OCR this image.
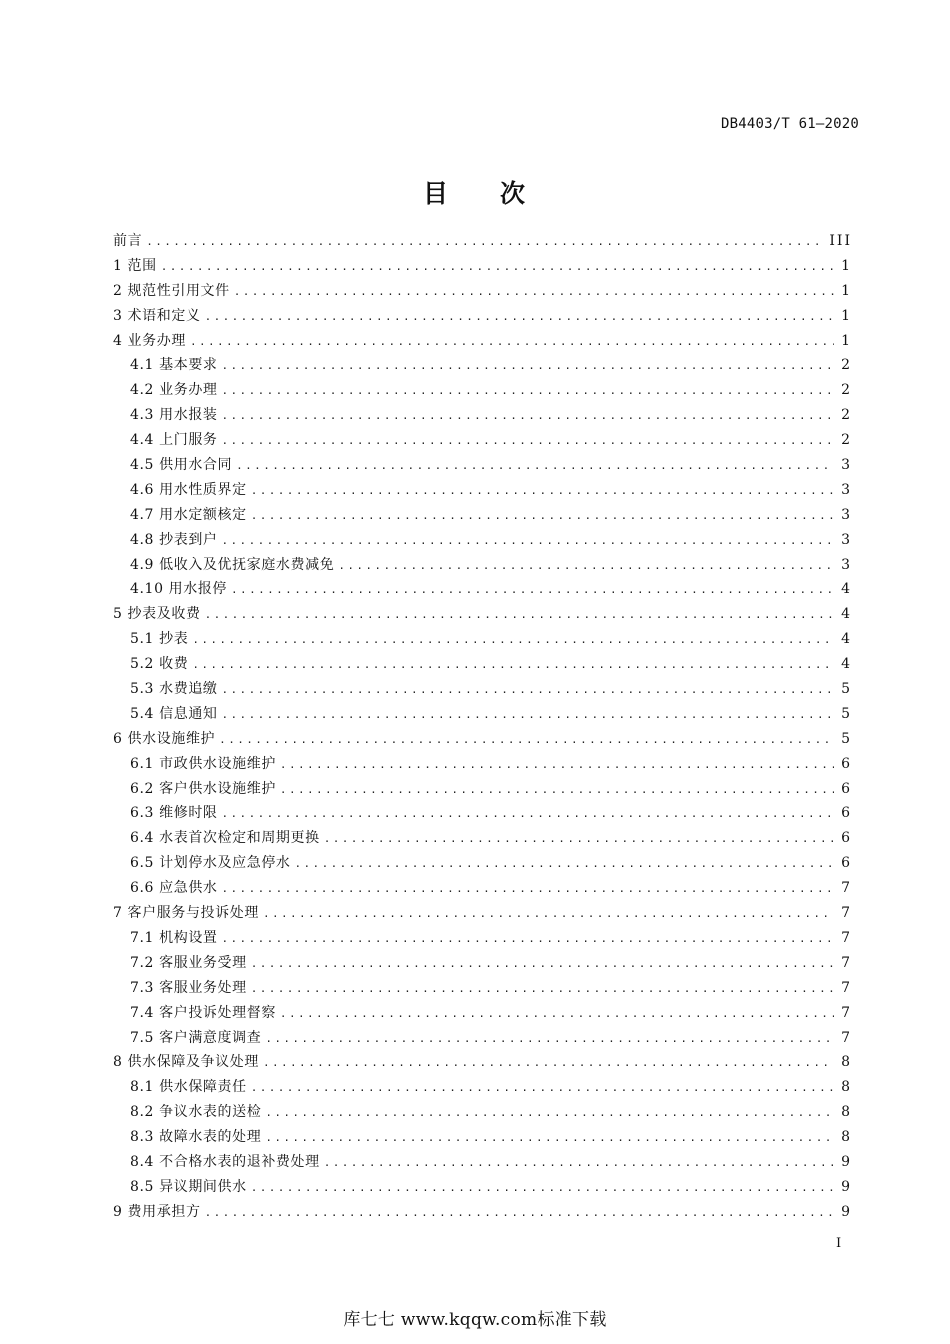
DB4403/T 61—2020
目 次
前言 .....	III
1 范围 .....	1
2 规范性引用文件 .....	1
3 术语和定义 .....	1
4 业务办理 .....	1
4.1 基本要求 .....	2
4.2 业务办理 .....	2
4.3 用水报装 .....	2
4.4 上门服务 .....	2
4.5 供用水合同 .....	3
4.6 用水性质界定 .....	3
4.7 用水定额核定 .....	3
4.8 抄表到户 .....	3
4.9 低收入及优抚家庭水费减免 .....	3
4.10 用水报停 .....	4
5 抄表及收费 .....	4
5.1 抄表 .....	4
5.2 收费 .....	4
5.3 水费追缴 .....	5
5.4 信息通知 .....	5
6 供水设施维护 .....	5
6.1 市政供水设施维护 .....	6
6.2 客户供水设施维护 .....	6
6.3 维修时限 .....	6
6.4 水表首次检定和周期更换 .....	6
6.5 计划停水及应急停水 .....	6
6.6 应急供水 .....	7
7 客户服务与投诉处理 .....	7
7.1 机构设置 .....	7
7.2 客服业务受理 .....	7
7.3 客服业务处理 .....	7
7.4 客户投诉处理督察 .....	7
7.5 客户满意度调查 .....	7
8 供水保障及争议处理 .....	8
8.1 供水保障责任 .....	8
8.2 争议水表的送检 .....	8
8.3 故障水表的处理 .....	8
8.4 不合格水表的退补费处理 .....	9
8.5 异议期间供水 .....	9
9 费用承担方 .....	9
I
库七七 www.kqqw.com标准下载
